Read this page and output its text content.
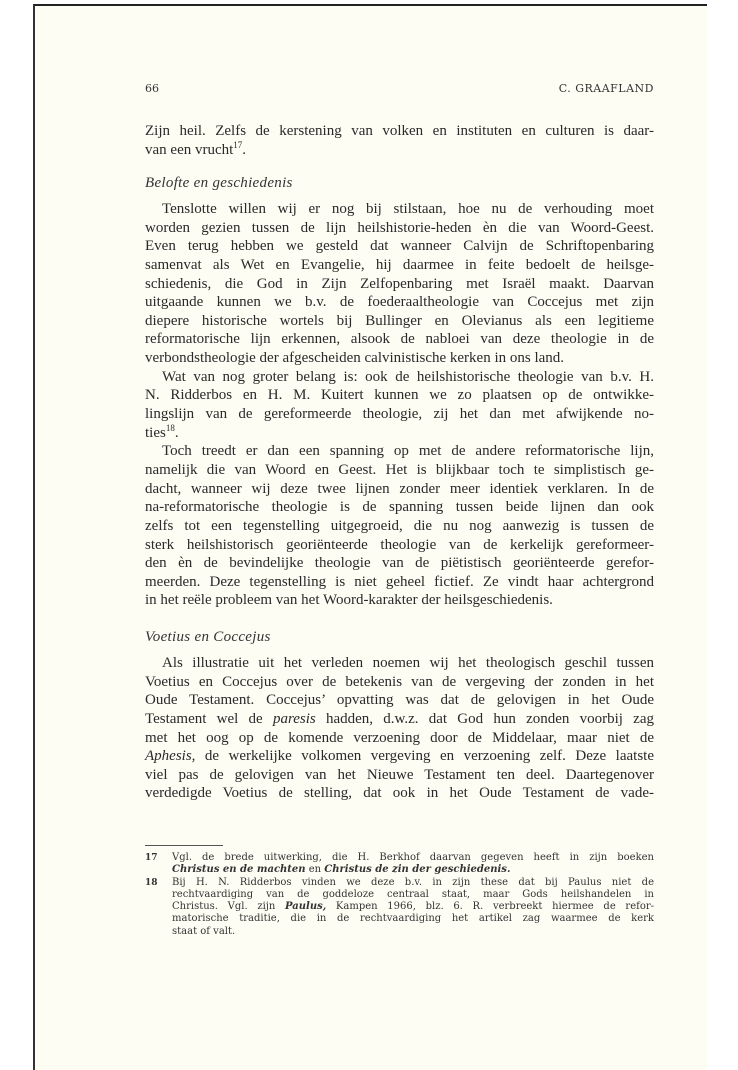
66	C. GRAAFLAND
Zijn heil. Zelfs de kerstening van volken en instituten en culturen is daar-
van een vrucht$^{17}$.
Belofte en geschiedenis
Tenslotte willen wij er nog bij stilstaan, hoe nu de verhouding moet
worden gezien tussen de lijn heilshistorie-heden èn die van Woord-Geest.
Even terug hebben we gesteld dat wanneer Calvijn de Schriftopenbaring
samenvat als Wet en Evangelie, hij daarmee in feite bedoelt de heilsge-
schiedenis, die God in Zijn Zelfopenbaring met Israël maakt. Daarvan
uitgaande kunnen we b.v. de foederaaltheologie van Coccejus met zijn
diepere historische wortels bij Bullinger en Olevianus als een legitieme
reformatorische lijn erkennen, alsook de nabloei van deze theologie in de
verbondstheologie der afgescheiden calvinistische kerken in ons land.
Wat van nog groter belang is: ook de heilshistorische theologie van b.v. H.
N. Ridderbos en H. M. Kuitert kunnen we zo plaatsen op de ontwikke-
lingslijn van de gereformeerde theologie, zij het dan met afwijkende no-
ties$^{18}$.
Toch treedt er dan een spanning op met de andere reformatorische lijn,
namelijk die van Woord en Geest. Het is blijkbaar toch te simplistisch ge-
dacht, wanneer wij deze twee lijnen zonder meer identiek verklaren. In de
na-reformatorische theologie is de spanning tussen beide lijnen dan ook
zelfs tot een tegenstelling uitgegroeid, die nu nog aanwezig is tussen de
sterk heilshistorisch georiënteerde theologie van de kerkelijk gereformeer-
den èn de bevindelijke theologie van de piëtistisch georiënteerde gerefor-
meerden. Deze tegenstelling is niet geheel fictief. Ze vindt haar achtergrond
in het reële probleem van het Woord-karakter der heilsgeschiedenis.
Voetius en Coccejus
Als illustratie uit het verleden noemen wij het theologisch geschil tussen
Voetius en Coccejus over de betekenis van de vergeving der zonden in het
Oude Testament. Coccejus’ opvatting was dat de gelovigen in het Oude
Testament wel de paresis hadden, d.w.z. dat God hun zonden voorbij zag
met het oog op de komende verzoening door de Middelaar, maar niet de
Aphesis, de werkelijke volkomen vergeving en verzoening zelf. Deze laatste
viel pas de gelovigen van het Nieuwe Testament ten deel. Daartegenover
verdedigde Voetius de stelling, dat ook in het Oude Testament de vade-
17 Vgl. de brede uitwerking, die H. Berkhof daarvan gegeven heeft in zijn boeken
Christus en de machten en Christus de zin der geschiedenis.
18 Bij H. N. Ridderbos vinden we deze b.v. in zijn these dat bij Paulus niet de
rechtvaardiging van de goddeloze centraal staat, maar Gods heilshandelen in
Christus. Vgl. zijn Paulus, Kampen 1966, blz. 6. R. verbreekt hiermee de refor-
matorische traditie, die in de rechtvaardiging het artikel zag waarmee de kerk
staat of valt.
